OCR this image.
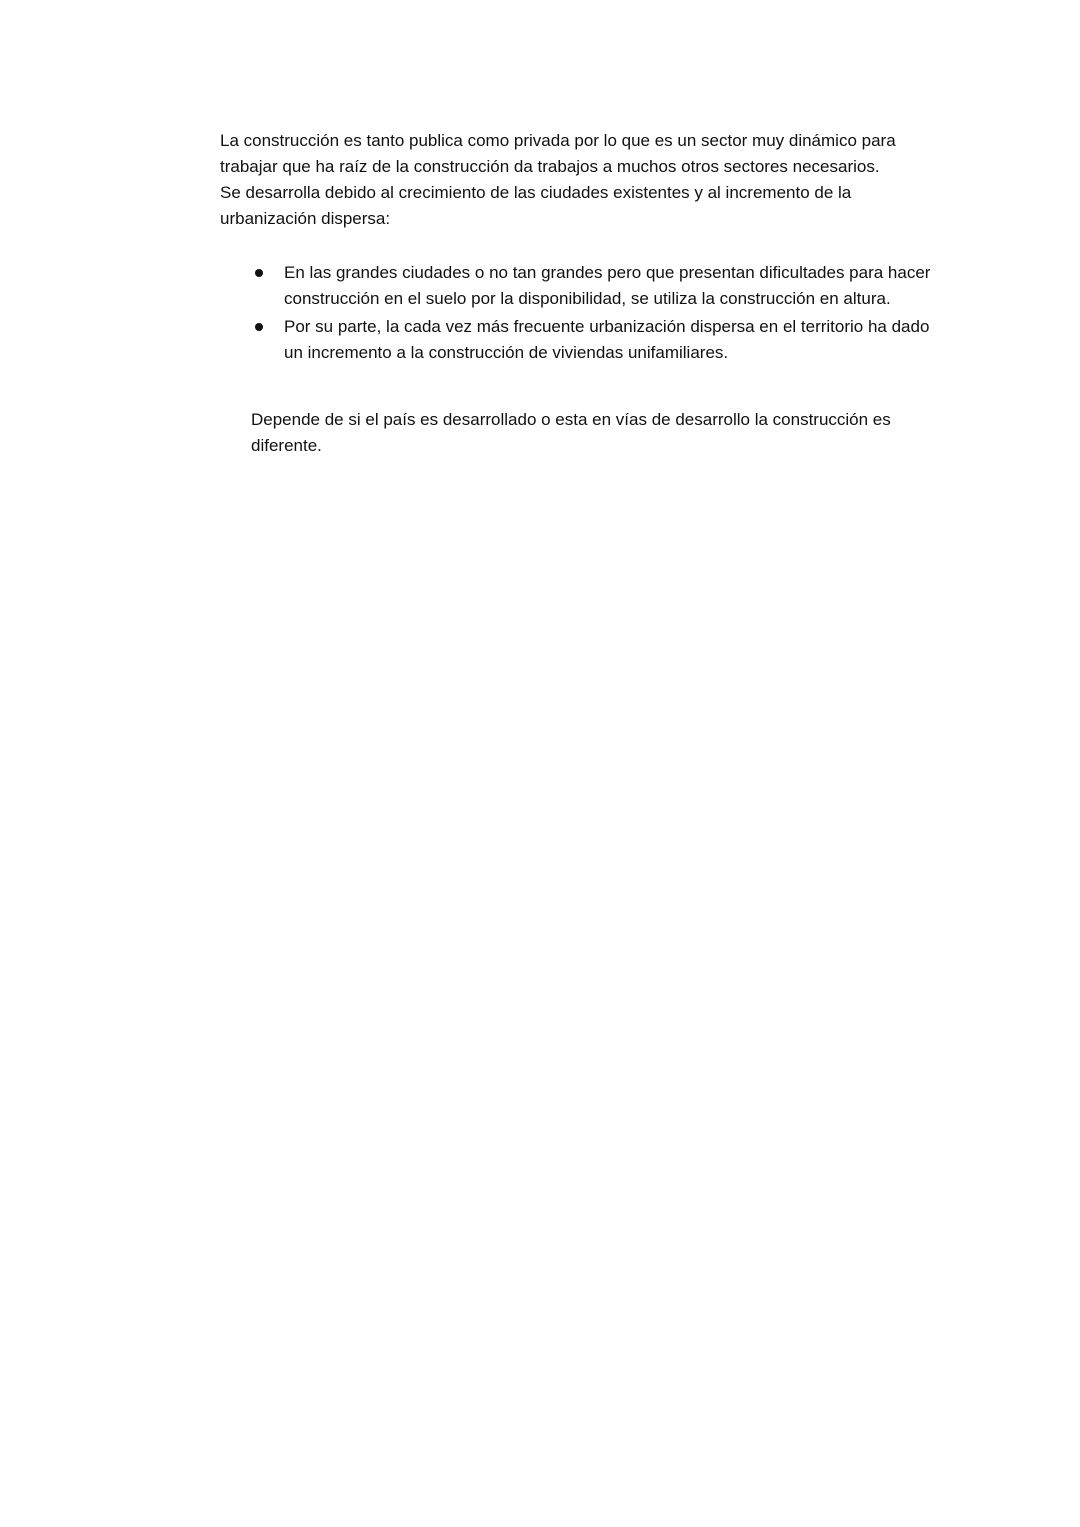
La construcción es tanto publica como privada por lo que es un sector muy dinámico para trabajar que ha raíz de la construcción da trabajos a muchos otros sectores necesarios.

Se desarrolla debido al crecimiento de las ciudades existentes y al incremento de la urbanización dispersa:

En las grandes ciudades o no tan grandes pero que presentan dificultades para hacer construcción en el suelo por la disponibilidad, se utiliza la construcción en altura.
Por su parte, la cada vez más frecuente urbanización dispersa en el territorio ha dado un incremento a la construcción de viviendas unifamiliares.

Depende de si el país es desarrollado o esta en vías de desarrollo la construcción es diferente.
